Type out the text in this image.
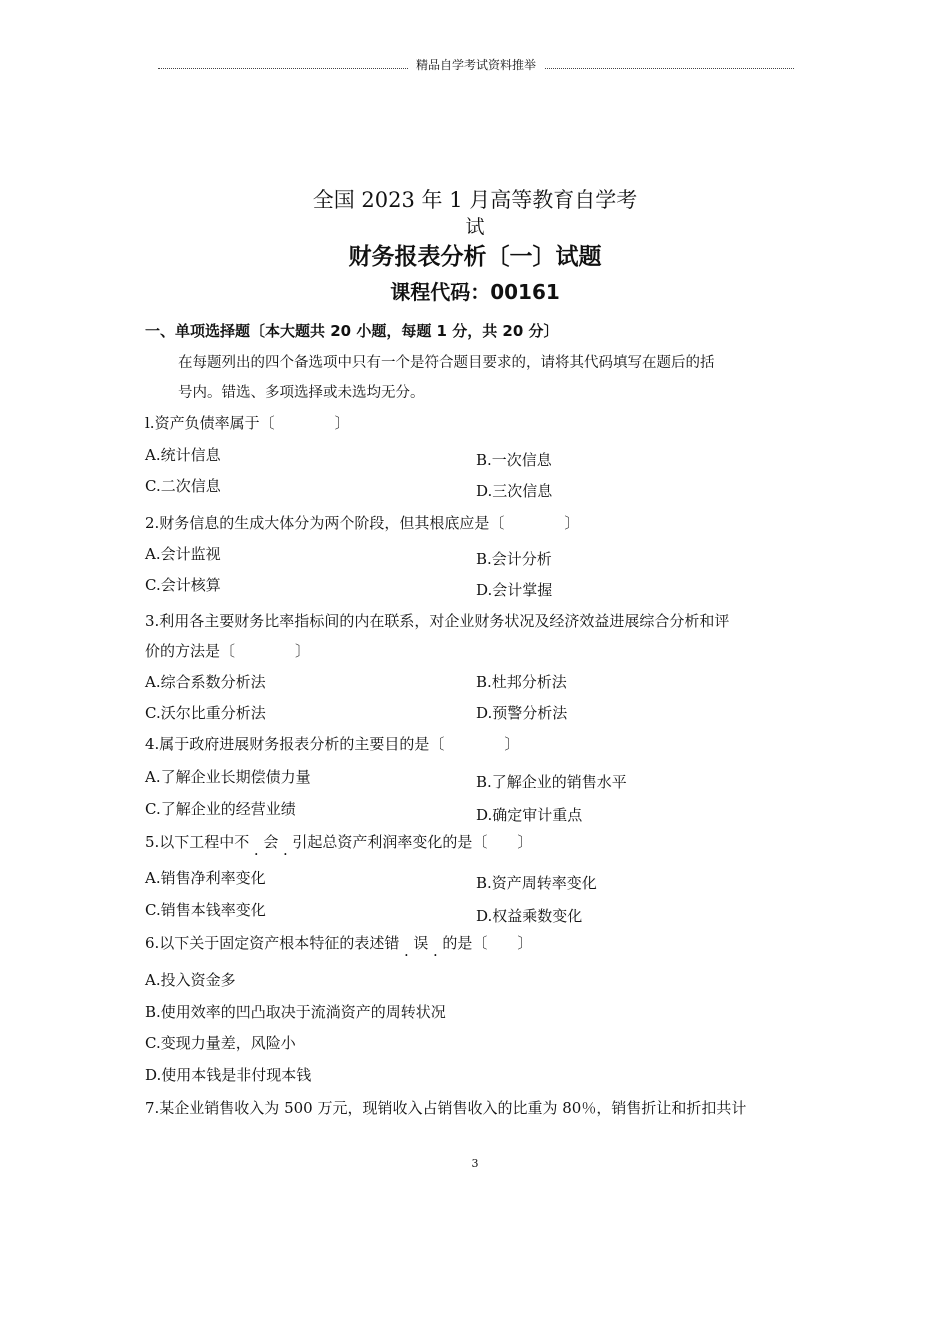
精品自学考试资料推举
全国 2023 年 1 月高等教育自学考
试
财务报表分析〔一〕试题
课程代码：00161
一、单项选择题〔本大题共 20 小题，每题 1 分，共 20 分〕
在每题列出的四个备选项中只有一个是符合题目要求的，请将其代码填写在题后的括
号内。错选、多项选择或未选均无分。
l.资产负债率属于〔　　　　〕
A.统计信息	B.一次信息
C.二次信息	D.三次信息
2.财务信息的生成大体分为两个阶段，但其根底应是〔　　　　〕
A.会计监视	B.会计分析
C.会计核算	D.会计掌握
3.利用各主要财务比率指标间的内在联系，对企业财务状况及经济效益进展综合分析和评
价的方法是〔　　　　〕
A.综合系数分析法	B.杜邦分析法
C.沃尔比重分析法	D.预警分析法
4.属于政府进展财务报表分析的主要目的是〔　　　　〕
A.了解企业长期偿债力量	B.了解企业的销售水平
C.了解企业的经营业绩	D.确定审计重点
5.以下工程中不 . 会 . 引起总资产利润率变化的是〔　　〕
A.销售净利率变化	B.资产周转率变化
C.销售本钱率变化	D.权益乘数变化
6.以下关于固定资产根本特征的表述错 . 误 . 的是〔　　〕
A.投入资金多
B.使用效率的凹凸取决于流淌资产的周转状况
C.变现力量差，风险小
D.使用本钱是非付现本钱
7.某企业销售收入为 500 万元，现销收入占销售收入的比重为 80％，销售折让和折扣共计
3
